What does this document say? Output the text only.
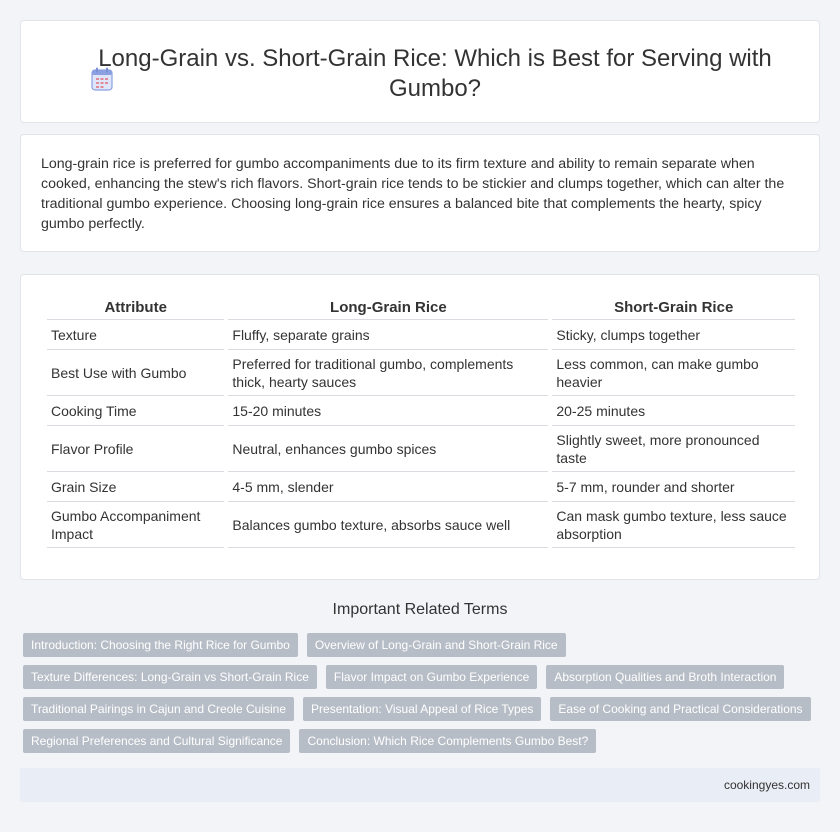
Long-Grain vs. Short-Grain Rice: Which is Best for Serving with Gumbo?

Long-grain rice is preferred for gumbo accompaniments due to its firm texture and ability to remain separate when cooked, enhancing the stew's rich flavors. Short-grain rice tends to be stickier and clumps together, which can alter the traditional gumbo experience. Choosing long-grain rice ensures a balanced bite that complements the hearty, spicy gumbo perfectly.

Attribute	Long-Grain Rice	Short-Grain Rice
Texture	Fluffy, separate grains	Sticky, clumps together
Best Use with Gumbo	Preferred for traditional gumbo, complements thick, hearty sauces	Less common, can make gumbo heavier
Cooking Time	15-20 minutes	20-25 minutes
Flavor Profile	Neutral, enhances gumbo spices	Slightly sweet, more pronounced taste
Grain Size	4-5 mm, slender	5-7 mm, rounder and shorter
Gumbo Accompaniment Impact	Balances gumbo texture, absorbs sauce well	Can mask gumbo texture, less sauce absorption
Important Related Terms
Introduction: Choosing the Right Rice for Gumbo	Overview of Long-Grain and Short-Grain Rice
Texture Differences: Long-Grain vs Short-Grain Rice	Flavor Impact on Gumbo Experience	Absorption Qualities and Broth Interaction
Traditional Pairings in Cajun and Creole Cuisine	Presentation: Visual Appeal of Rice Types	Ease of Cooking and Practical Considerations
Regional Preferences and Cultural Significance	Conclusion: Which Rice Complements Gumbo Best?
cookingyes.com
